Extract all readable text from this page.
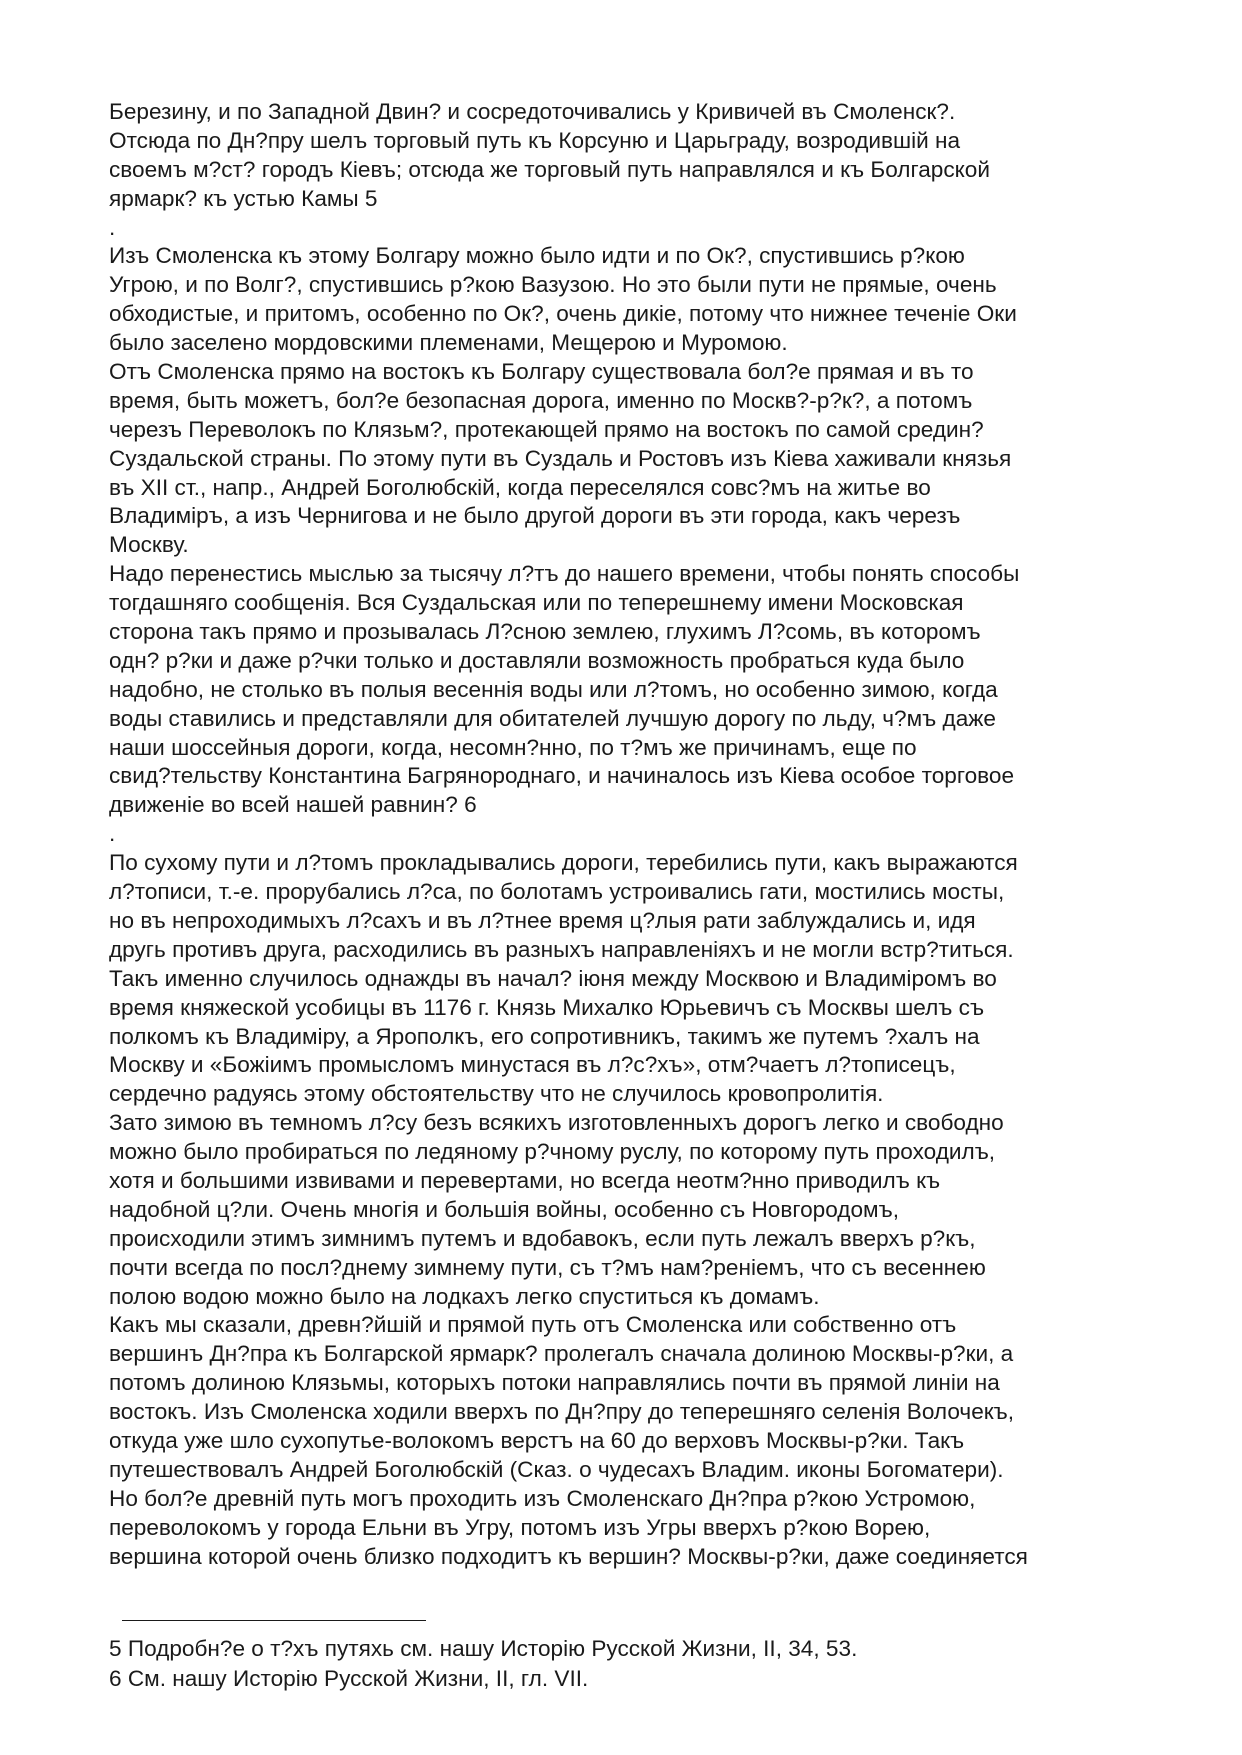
Березину, и по Западной Двин? и сосредоточивались у Кривичей въ Смоленск?.
Отсюда по Дн?пру шелъ торговый путь къ Корсуню и Царьграду, возродившій на
своемъ м?ст? городъ Кіевъ; отсюда же торговый путь направлялся и къ Болгарской
ярмарк? къ устью Камы 5
.
Изъ Смоленска къ этому Болгару можно было идти и по Ок?, спустившись р?кою
Угрою, и по Волг?, спустившись р?кою Вазузою. Но это были пути не прямые, очень
обходистые, и притомъ, особенно по Ок?, очень дикіе, потому что нижнее теченіе Оки
было заселено мордовскими племенами, Мещерою и Муромою.
Отъ Смоленска прямо на востокъ къ Болгару существовала бол?е прямая и въ то
время, быть можетъ, бол?е безопасная дорога, именно по Москв?-р?к?, а потомъ
черезъ Переволокъ по Клязьм?, протекающей прямо на востокъ по самой средин?
Суздальской страны. По этому пути въ Суздаль и Ростовъ изъ Кіева хаживали князья
въ XII ст., напр., Андрей Боголюбскій, когда переселялся совс?мъ на житье во
Владиміръ, а изъ Чернигова и не было другой дороги въ эти города, какъ черезъ
Москву.
Надо перенестись мыслью за тысячу л?тъ до нашего времени, чтобы понять способы
тогдашняго сообщенія. Вся Суздальская или по теперешнему имени Московская
сторона такъ прямо и прозывалась Л?сною землею, глухимъ Л?сомь, въ которомъ
одн? р?ки и даже р?чки только и доставляли возможность пробраться куда было
надобно, не столько въ полыя весеннія воды или л?томъ, но особенно зимою, когда
воды ставились и представляли для обитателей лучшую дорогу по льду, ч?мъ даже
наши шоссейныя дороги, когда, несомн?нно, по т?мъ же причинамъ, еще по
свид?тельству Константина Багрянороднаго, и начиналось изъ Кіева особое торговое
движеніе во всей нашей равнин? 6
.
По сухому пути и л?томъ прокладывались дороги, теребились пути, какъ выражаются
л?тописи, т.-е. прорубались л?са, по болотамъ устроивались гати, мостились мосты,
но въ непроходимыхъ л?сахъ и въ л?тнее время ц?лыя рати заблуждались и, идя
другь противъ друга, расходились въ разныхъ направленіяхъ и не могли встр?титься.
Такъ именно случилось однажды въ начал? іюня между Москвою и Владиміромъ во
время княжеской усобицы въ 1176 г. Князь Михалко Юрьевичъ съ Москвы шелъ съ
полкомъ къ Владиміру, а Ярополкъ, его сопротивникъ, такимъ же путемъ ?халъ на
Москву и «Божіимъ промысломъ минустася въ л?с?хъ», отм?чаетъ л?тописецъ,
сердечно радуясь этому обстоятельству что не случилось кровопролитія.
Зато зимою въ темномъ л?су безъ всякихъ изготовленныхъ дорогъ легко и свободно
можно было пробираться по ледяному р?чному руслу, по которому путь проходилъ,
хотя и большими извивами и перевертами, но всегда неотм?нно приводилъ къ
надобной ц?ли. Очень многія и большія войны, особенно съ Новгородомъ,
происходили этимъ зимнимъ путемъ и вдобавокъ, если путь лежалъ вверхъ р?къ,
почти всегда по посл?днему зимнему пути, съ т?мъ нам?реніемъ, что съ весеннею
полою водою можно было на лодкахъ легко спуститься къ домамъ.
Какъ мы сказали, древн?йшій и прямой путь отъ Смоленска или собственно отъ
вершинъ Дн?пра къ Болгарской ярмарк? пролегалъ сначала долиною Москвы-р?ки, а
потомъ долиною Клязьмы, которыхъ потоки направлялись почти въ прямой линіи на
востокъ. Изъ Смоленска ходили вверхъ по Дн?пру до теперешняго селенія Волочекъ,
откуда уже шло сухопутье-волокомъ верстъ на 60 до верховъ Москвы-р?ки. Такъ
путешествовалъ Андрей Боголюбскій (Сказ. о чудесахъ Владим. иконы Богоматери).
Но бол?е древній путь могъ проходить изъ Смоленскаго Дн?пра р?кою Устромою,
переволокомъ у города Ельни въ Угру, потомъ изъ Угры вверхъ р?кою Ворею,
вершина которой очень близко подходитъ къ вершин? Москвы-р?ки, даже соединяется
5 Подробн?е о т?хъ путяхь см. нашу Исторію Русской Жизни, II, 34, 53.
6 См. нашу Исторію Русской Жизни, II, гл. VII.
